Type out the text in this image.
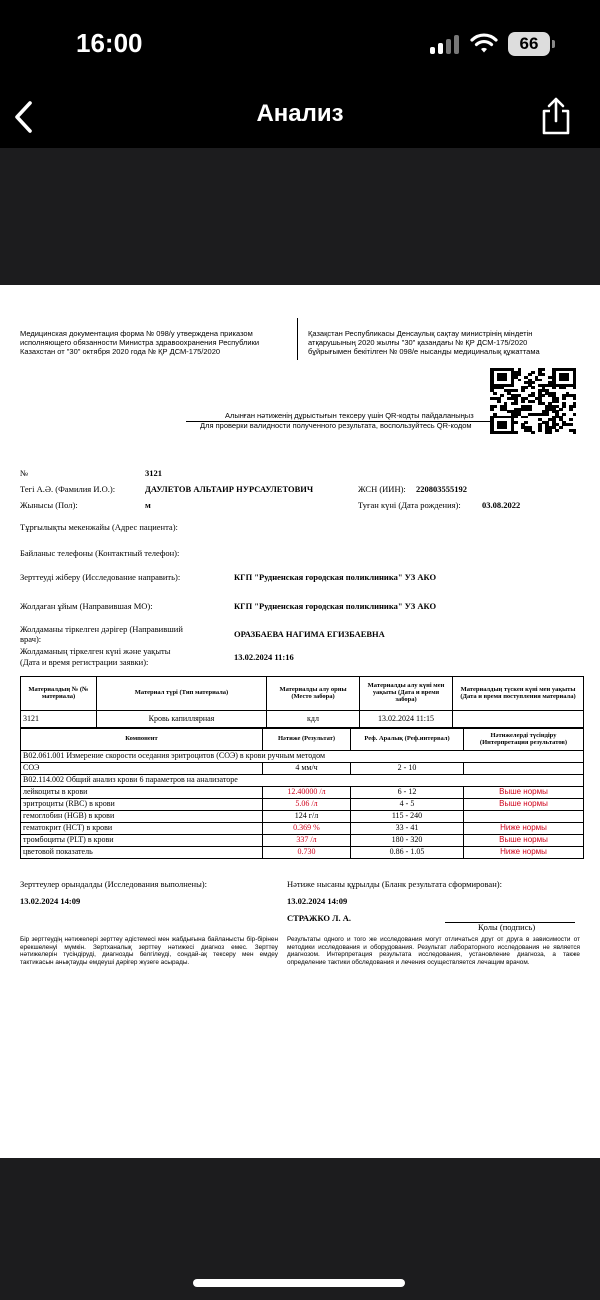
16:00	66
Анализ
Медицинская документация форма № 098/у утверждена приказом
исполняющего обязанности Министра здравоохранения Республики
Казахстан от "30" октября 2020 года № ҚР ДСМ-175/2020
Қазақстан Республикасы Денсаулық сақтау министрінің міндетін
атқарушының 2020 жылғы "30" қазандағы № ҚР ДСМ-175/2020
бұйрығымен бекітілген № 098/е нысанды медициналық құжаттама
Алынған нәтиженің дұрыстығын тексеру үшін QR-кодты пайдаланыңыз
Для проверки валидности полученного результата, воспользуйтесь QR-кодом
№	3121
Тегі А.Ә. (Фамилия И.О.):	ДАУЛЕТОВ АЛЬТАИР НУРСАУЛЕТОВИЧ	ЖСН (ИИН): 220803555192
Жынысы (Пол):	м	Туған күні (Дата рождения):	03.08.2022
Тұрғылықты мекенжайы (Адрес пациента):
Байланыс телефоны (Контактный телефон):
Зерттеуді жіберу (Исследование направить):	КГП "Рудненская городская поликлиника" УЗ АКО
Жолдаған ұйым (Направившая МО):	КГП "Рудненская городская поликлиника" УЗ АКО
Жолдаманы тіркелген дәрігер (Направивший
врач):	ОРАЗБАЕВА НАГИМА ЕГИЗБАЕВНА
Жолдаманың тіркелген күні және уақыты
(Дата и время регистрации заявки):	13.02.2024 11:16
Материалдың № (№ материала)	Материал түрі (Тип материала)	Материалды алу орны (Место забора)	Материалды алу күні мен уақыты (Дата и время забора)	Материалдың түскен күні мен уақыты (Дата и время поступления материала)
3121	Кровь капиллярная	кдл	13.02.2024 11:15	
Компонент	Нәтиже (Результат)	Реф. Аралық (Реф.интервал)	Нәтижелерді түсіндіру (Интерпретация результатов)
B02.061.001 Измерение скорости оседания эритроцитов (СОЭ) в крови ручным методом			
СОЭ	4 мм/ч	2 - 10	
B02.114.002 Общий анализ крови 6 параметров на анализаторе			
лейкоциты в крови	12.40000 /л	6 - 12	Выше нормы
эритроциты (RBC) в крови	5.06 /л	4 - 5	Выше нормы
гемоглобин (HGB) в крови	124 г/л	115 - 240	
гематокрит (HCT) в крови	0.369 %	33 - 41	Ниже нормы
тромбоциты (PLT) в крови	337 /л	180 - 320	Выше нормы
цветовой показатель	0.730	0.86 - 1.05	Ниже нормы
Зерттеулер орындалды (Исследования выполнены):
13.02.2024 14:09
Нәтиже нысаны құрылды (Бланк результата сформирован):
13.02.2024 14:09
СТРАЖКО Л. А.
Қолы (подпись)
Бір зерттеудің нәтижелері зерттеу әдістемесі мен жабдығына байланысты бір-бірінен ерекшеленуі мүмкін. Зертханалық зерттеу нәтижесі диагноз емес. Зерттеу нәтижелерін түсіндіруді, диагнозды белгілеуді, сондай-ақ тексеру мен емдеу тактикасын анықтауды емдеуші дәрігер жүзеге асырады.
Результаты одного и того же исследования могут отличаться друг от друга в зависимости от методики исследования и оборудования. Результат лабораторного исследования не является диагнозом. Интерпретация результата исследования, установление диагноза, а также определение тактики обследования и лечения осуществляется лечащим врачом.
